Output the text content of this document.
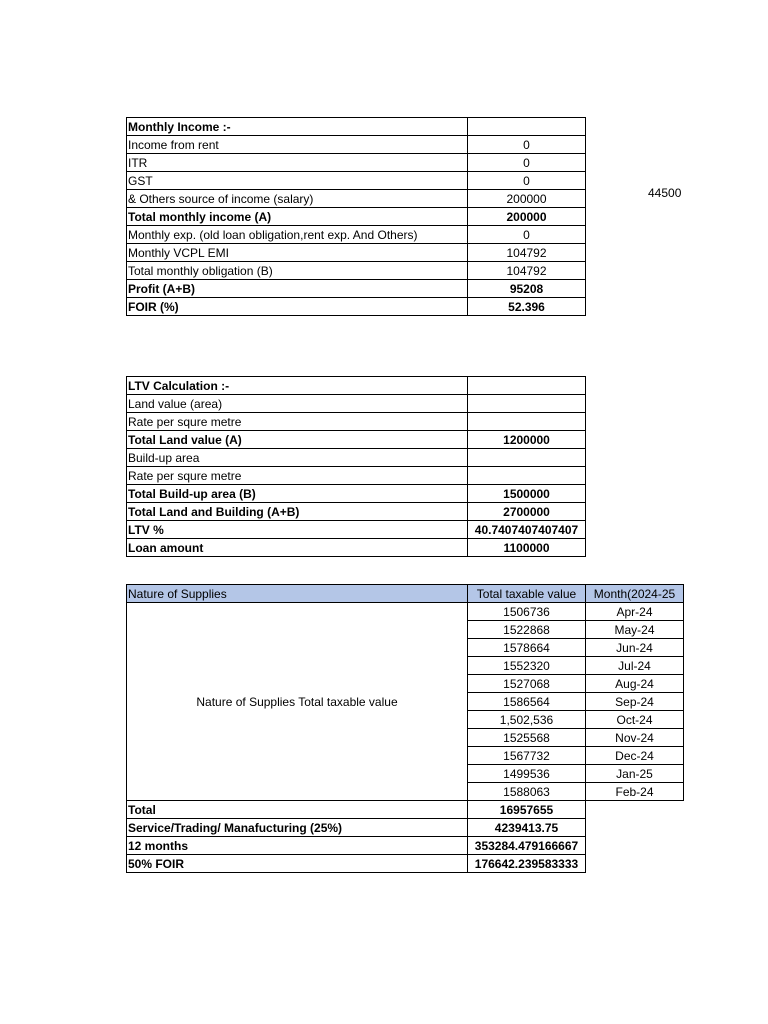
Monthly Income :-	
Income from rent	0
ITR	0
GST	0
& Others source of income (salary)	200000
Total monthly income (A)	200000
Monthly exp. (old loan obligation,rent exp. And Others)	0
Monthly VCPL EMI	104792
Total monthly obligation (B)	104792
Profit (A+B)	95208
FOIR (%)	52.396
44500
LTV Calculation :-	
Land value (area)	
Rate per squre metre	
Total Land value (A)	1200000
Build-up area	
Rate per squre metre	
Total Build-up area (B)	1500000
Total Land and Building (A+B)	2700000
LTV %	40.7407407407407
Loan amount	1100000
Nature of Supplies	Total taxable value	Month(2024-25
Nature of Supplies Total taxable value	1506736	Apr-24
	1522868	May-24
	1578664	Jun-24
	1552320	Jul-24
	1527068	Aug-24
	1586564	Sep-24
	1,502,536	Oct-24
	1525568	Nov-24
	1567732	Dec-24
	1499536	Jan-25
	1588063	Feb-24
Total	16957655	
Service/Trading/ Manafucturing (25%)	4239413.75	
12 months	353284.479166667	
50% FOIR	176642.239583333	
